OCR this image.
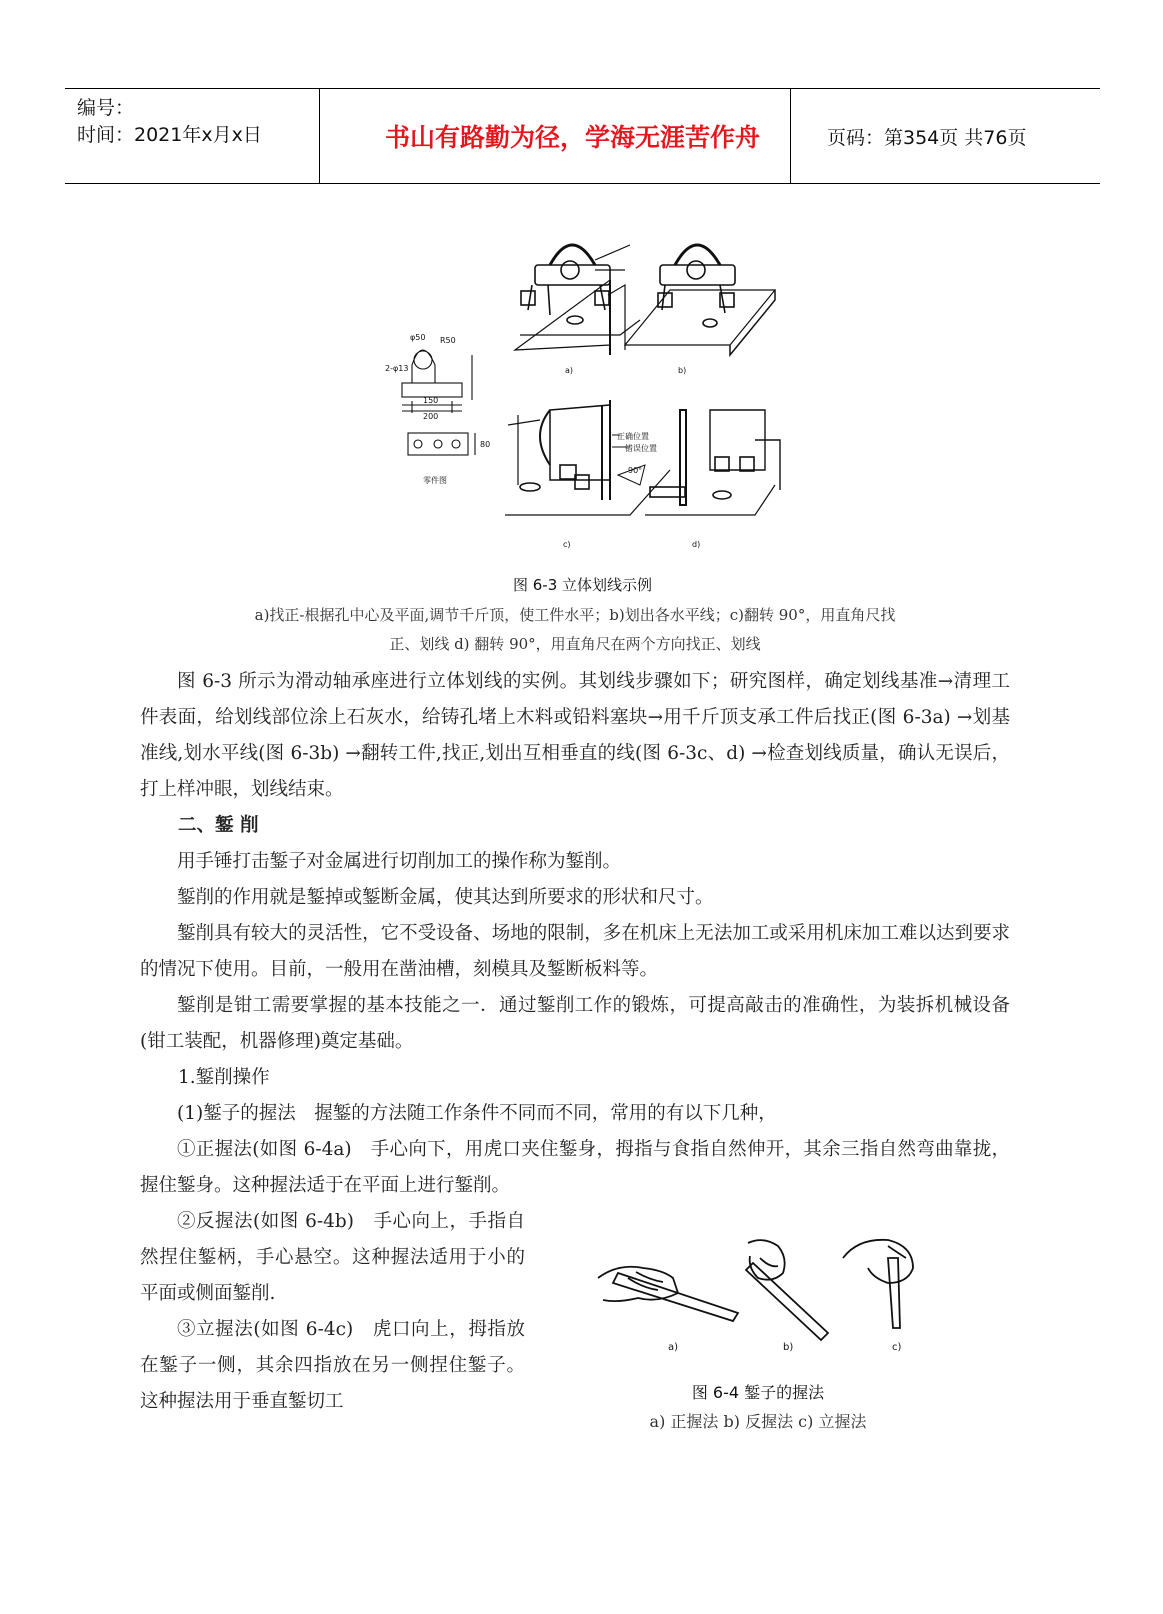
编号：
时间：2021年x月x日	书山有路勤为径，学海无涯苦作舟	页码：第354页 共76页
a)	b)
c)	d)
零件图
正确位置
错误位置
90°
150
200
2-φ13
φ50 R50
80
图 6-3 立体划线示例
a)找正-根据孔中心及平面,调节千斤顶，使工件水平；b)划出各水平线；c)翻转 90°，用直角尺找
正、划线 d) 翻转 90°，用直角尺在两个方向找正、划线
图 6-3 所示为滑动轴承座进行立体划线的实例。其划线步骤如下；研究图样，确定划线基准→清理工件表面，给划线部位涂上石灰水，给铸孔堵上木料或铅料塞块→用千斤顶支承工件后找正(图 6-3a) →划基准线,划水平线(图 6-3b) →翻转工件,找正,划出互相垂直的线(图 6-3c、d) →检查划线质量，确认无误后，打上样冲眼，划线结束。
二、錾 削
用手锤打击錾子对金属进行切削加工的操作称为錾削。
錾削的作用就是錾掉或錾断金属，使其达到所要求的形状和尺寸。
錾削具有较大的灵活性，它不受设备、场地的限制，多在机床上无法加工或采用机床加工难以达到要求的情况下使用。目前，一般用在凿油槽，刻模具及錾断板料等。
錾削是钳工需要掌握的基本技能之一．通过錾削工作的锻炼，可提高敲击的准确性，为装拆机械设备(钳工装配，机器修理)奠定基础。
1.錾削操作
(1)錾子的握法　握錾的方法随工作条件不同而不同，常用的有以下几种，
①正握法(如图 6-4a)　手心向下，用虎口夹住錾身，拇指与食指自然伸开，其余三指自然弯曲靠拢，握住錾身。这种握法适于在平面上进行錾削。
②反握法(如图 6-4b)　手心向上，手指自然捏住錾柄，手心悬空。这种握法适用于小的平面或侧面錾削.
③立握法(如图 6-4c)　虎口向上，拇指放在錾子一侧，其余四指放在另一侧捏住錾子。这种握法用于垂直錾切工
a)	b)	c)
图 6-4 錾子的握法
a) 正握法 b) 反握法 c) 立握法
